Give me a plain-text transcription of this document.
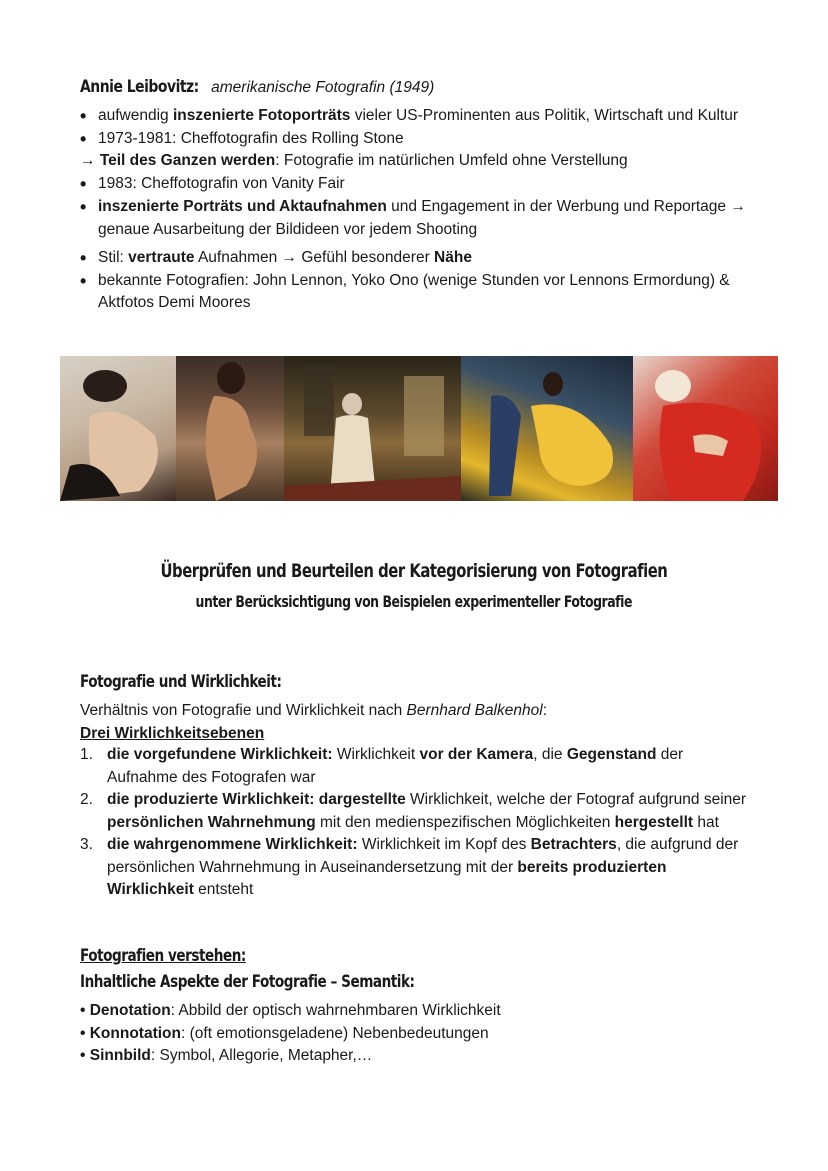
Annie Leibovitz: amerikanische Fotografin (1949)
• aufwendig inszenierte Fotoporträts vieler US-Prominenten aus Politik, Wirtschaft und Kultur
• 1973-1981: Cheffotografin des Rolling Stone
→ Teil des Ganzen werden: Fotografie im natürlichen Umfeld ohne Verstellung
• 1983: Cheffotografin von Vanity Fair
• inszenierte Porträts und Aktaufnahmen und Engagement in der Werbung und Reportage → genaue Ausarbeitung der Bildideen vor jedem Shooting
• Stil: vertraute Aufnahmen → Gefühl besonderer Nähe
• bekannte Fotografien: John Lennon, Yoko Ono (wenige Stunden vor Lennons Ermordung) & Aktfotos Demi Moores
Überprüfen und Beurteilen der Kategorisierung von Fotografien
unter Berücksichtigung von Beispielen experimenteller Fotografie
Fotografie und Wirklichkeit:
Verhältnis von Fotografie und Wirklichkeit nach Bernhard Balkenhol:
Drei Wirklichkeitsebenen
1. die vorgefundene Wirklichkeit: Wirklichkeit vor der Kamera, die Gegenstand der Aufnahme des Fotografen war
2. die produzierte Wirklichkeit: dargestellte Wirklichkeit, welche der Fotograf aufgrund seiner persönlichen Wahrnehmung mit den medienspezifischen Möglichkeiten hergestellt hat
3. die wahrgenommene Wirklichkeit: Wirklichkeit im Kopf des Betrachters, die aufgrund der persönlichen Wahrnehmung in Auseinandersetzung mit der bereits produzierten Wirklichkeit entsteht
Fotografien verstehen:
Inhaltliche Aspekte der Fotografie – Semantik:
• Denotation: Abbild der optisch wahrnehmbaren Wirklichkeit
• Konnotation: (oft emotionsgeladene) Nebenbedeutungen
• Sinnbild: Symbol, Allegorie, Metapher,…
